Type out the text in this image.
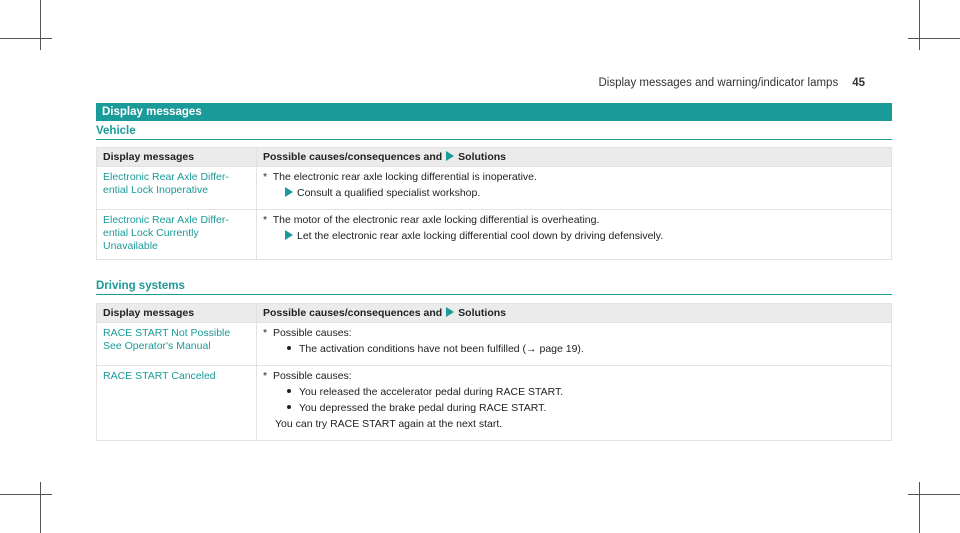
Display messages and warning/indicator lamps 45
Display messages
Vehicle
Display messages	Possible causes/consequences and Solutions
Electronic Rear Axle Differ-ential Lock Inoperative	* The electronic rear axle locking differential is inoperative.
Consult a qualified specialist workshop.

Electronic Rear Axle Differ-ential Lock Currently Unavailable	* The motor of the electronic rear axle locking differential is overheating.
Let the electronic rear axle locking differential cool down by driving defensively.
Driving systems
Display messages	Possible causes/consequences and Solutions
RACE START Not Possible See Operator's Manual	* Possible causes:
The activation conditions have not been fulfilled (→ page 19).

RACE START Canceled	* Possible causes:
You released the accelerator pedal during RACE START.
You depressed the brake pedal during RACE START.
You can try RACE START again at the next start.
